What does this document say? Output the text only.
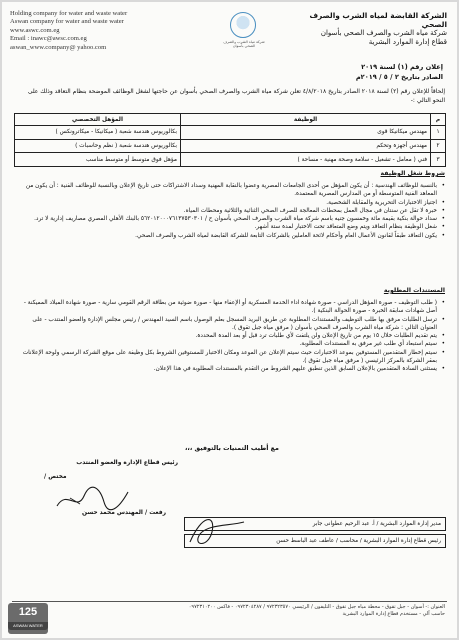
Holding company for water and waste water
Aswan company for water and waste water
www.aswc.com.eg
Email : inawc@awsc.com.eg
aswan_www.company@ yahoo.com
شركة مياه الشرب والصرف الصحي بأسوان
الشركة القابضة لمياه الشرب والصرف الصحي
شركة مياه الشرب والصرف الصحي بأسوان
قطاع إدارة الموارد البشرية
إعلان رقم (١) لسنة ٢٠١٩
الصادر بتاريخ ٢ / ٥ / ٢٠١٩م
إلحاقاً للإعلان رقم (٢) لسنة ٢٠١٨ الصادر بتاريخ ٤/٨/٢٠١٨ تعلن شركة مياه الشرب والصرف الصحي بأسوان عن حاجتها لشغل الوظائف الموضحة بنظام التعاقد وذلك على النحو التالي :-
م	الوظيفة	المؤهل التخصصي
١	مهندس ميكانيكا قوى	بكالوريوس هندسة شعبة ( ميكانيكا - ميكاترونكس )
٢	مهندس أجهزة وتحكم	بكالوريوس هندسة شعبة ( نظم وحاسبات )
٣	فني ( معامل - تشغيل - سلامة وصحة مهنية - مساحة )	مؤهل فوق متوسط أو متوسط مناسب
شروط شغل الوظيفة
• بالنسبة للوظائف الهندسية : أن يكون المؤهل من أحدى الجامعات المصرية وعضوا بالنقابة المهنية وسداد الاشتراكات حتى تاريخ الإعلان وبالنسبة للوظائف الفنية : أن يكون من المعاهد الفنية المتوسطة أو من المدارس المصرية المعتمدة.
• اجتياز الاختبارات التحريرية والمقابلة الشخصية.
• خبرة لا تقل عن سنتان في مجال العمل بمحطات المعالجة للصرف الصحي الثنائية والثلاثية ومحطات المياه.
• سداد حوالة بنكية بقيمة مائة وخمسون جنيه باسم شركة مياه الشرب والصرف الصحي بأسوان ح / ٥٦٢٠١٢٠٠٠٧٦١٣٧٥٣٠٣٠١ بالبنك الأهلي المصري مصاريف إدارية لا ترد.
• شغل الوظيفة بنظام التعاقد ويتم وضع المتعاقد تحت الاختبار لمدة ستة أشهر.
• يكون التعاقد طبقاً لقانون الأعمال العام وأحكام لائحة العاملين بالشركات التابعة للشركة القابضة لمياه الشرب والصرف الصحي.
المستندات المطلوبة
• ( طلب التوظيف - صورة المؤهل الدراسي - صورة شهادة اداء الخدمة العسكرية أو الإعفاء منها - صورة ضوئية من بطاقة الرقم القومي سارية - صورة شهادة الميلاد المميكنة - أصل شهادات سابقة الخبرة - صورة الحوالة البنكية ).
• ترسل الطلبات مرفق بها طلب التوظيف والمستندات المطلوبة عن طريق البريد المسجل بعلم الوصول باسم السيد المهندس / رئيس مجلس الإدارة والعضو المنتدب - على العنوان التالي : شركة مياه الشرب والصرف الصحي بأسوان ( مرفق مياه جبل تقوق ).
• يتم تقديم الطلبات خلال ١٥ يوم من تاريخ الإعلان ولن يلتفت لأي طلبات ترد قبل أو بعد المدة المحددة.
• سيتم استبعاد أي طلب غير مرفق به المستندات المطلوبة.
• سيتم إخطار المتقدمين المستوفين بموعد الاختبارات حيث سيتم الإعلان عن الموعد ومكان الاختبار للمستوفين الشروط بكل وظيفة على موقع الشركة الرسمي ولوحة الإعلانات بمقر الشركة بالمركز الرئيسي ( مرفق مياه جبل تقوق ).
• يستثنى السادة المتقدمين بالإعلان السابق الذين تنطبق عليهم الشروط من التقدم بالمستندات المطلوبة في هذا الإعلان.
مع أطيب التمنيات بالتوفيق ،،،
رئيس قطاع الإدارة والعضو المنتدب
مختص /
رفعت / المهندس محمد حسن
مدير إدارة الموارد البشرية / أ. عبد الرحيم عطوانى جابر
رئيس قطاع إدارة الموارد البشرية / محاسب / عاطف عبد الباسط حسن
العنوان :- أسوان - جبل تقوق - محطة مياه جبل تقوق - التليفون / الرئيسي ٩٧٢٣٢٣٥٧٠ / ٠٩٧٢٣٠٤٢٨٧ - فاكس ٠٩٧٢٣١٠٢٠٠
حاسب آلي - مستخدم قطاع إدارة الموارد البشرية
125
ASWAN WATER
